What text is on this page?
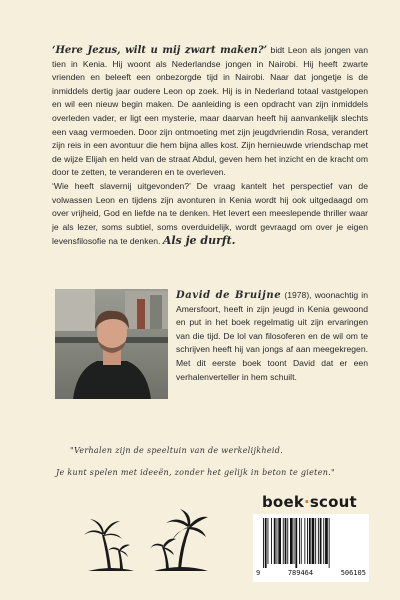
‘Here Jezus, wilt u mij zwart maken?’ bidt Leon als jongen van tien in Kenia. Hij woont als Nederlandse jongen in Nairobi. Hij heeft zwarte vrienden en beleeft een onbezorgde tijd in Nairobi. Naar dat jongetje is de inmiddels dertig jaar oudere Leon op zoek. Hij is in Nederland totaal vastgelopen en wil een nieuw begin maken. De aanleiding is een opdracht van zijn inmiddels overleden vader, er ligt een mysterie, maar daarvan heeft hij aanvankelijk slechts een vaag vermoeden. Door zijn ontmoeting met zijn jeugdvriendin Rosa, verandert zijn reis in een avontuur die hem bijna alles kost. Zijn hernieuwde vriendschap met de wijze Elijah en held van de straat Abdul, geven hem het inzicht en de kracht om door te zetten, te veranderen en te overleven.

‘Wie heeft slavernij uitgevonden?’ De vraag kantelt het perspectief van de volwassen Leon en tijdens zijn avonturen in Kenia wordt hij ook uitgedaagd om over vrijheid, God en liefde na te denken. Het levert een meeslepende thriller waar je als lezer, soms subtiel, soms overduidelijk, wordt gevraagd om over je eigen levensfilosofie na te denken. Als je durft.

David de Bruijne (1978), woonachtig in Amersfoort, heeft in zijn jeugd in Kenia gewoond en put in het boek regelmatig uit zijn ervaringen van die tijd. De lol van filosoferen en de wil om te schrijven heeft hij van jongs af aan meegekregen. Met dit eerste boek toont David dat er een verhalenverteller in hem schuilt.
"Verhalen zijn de speeltuin van de werkelijkheid.
Je kunt spelen met ideeën, zonder het gelijk in beton te gieten."
boek·scout
9	789464	506105
